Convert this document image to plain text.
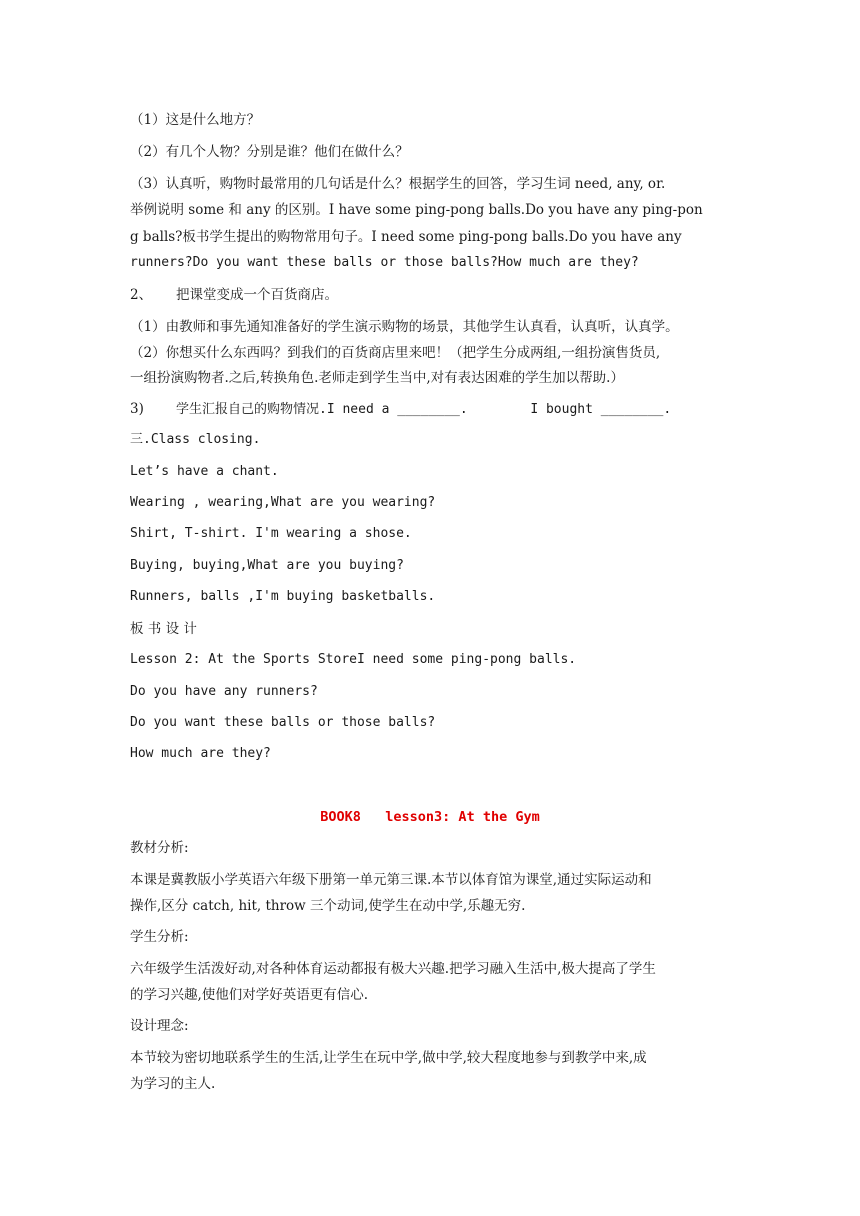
（1）这是什么地方？
（2）有几个人物？分别是谁？他们在做什么？
（3）认真听，购物时最常用的几句话是什么？根据学生的回答，学习生词 need, any, or.
举例说明 some 和 any 的区别。I have some ping-pong balls.Do you have any ping-pon
g balls?板书学生提出的购物常用句子。I need some ping-pong balls.Do you have any
runners?Do you want these balls or those balls?How much are they?
2、 把课堂变成一个百货商店。
（1）由教师和事先通知准备好的学生演示购物的场景，其他学生认真看，认真听，认真学。
（2）你想买什么东西吗？到我们的百货商店里来吧！（把学生分成两组,一组扮演售货员,
一组扮演购物者.之后,转换角色.老师走到学生当中,对有表达困难的学生加以帮助.）
3) 学生汇报自己的购物情况.I need a ________.        I bought ________.
三.Class closing.
Let’s have a chant.
Wearing , wearing,What are you wearing?
Shirt, T-shirt. I'm wearing a shose.
Buying, buying,What are you buying?
Runners, balls ,I'm buying basketballs.
板 书 设 计
Lesson 2: At the Sports StoreI need some ping-pong balls.
Do you have any runners?
Do you want these balls or those balls?
How much are they?
BOOK8   lesson3: At the Gym
教材分析:
本课是冀教版小学英语六年级下册第一单元第三课.本节以体育馆为课堂,通过实际运动和
操作,区分 catch, hit, throw 三个动词,使学生在动中学,乐趣无穷.
学生分析:
六年级学生活泼好动,对各种体育运动都报有极大兴趣.把学习融入生活中,极大提高了学生
的学习兴趣,使他们对学好英语更有信心.
设计理念:
本节较为密切地联系学生的生活,让学生在玩中学,做中学,较大程度地参与到教学中来,成
为学习的主人.
